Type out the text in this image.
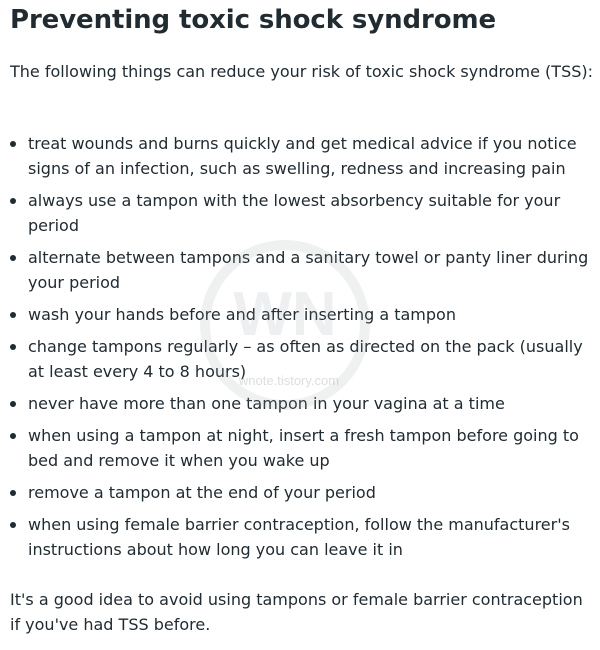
Preventing toxic shock syndrome

The following things can reduce your risk of toxic shock syndrome (TSS):

treat wounds and burns quickly and get medical advice if you notice signs of an infection, such as swelling, redness and increasing pain
always use a tampon with the lowest absorbency suitable for your period
alternate between tampons and a sanitary towel or panty liner during your period
wash your hands before and after inserting a tampon
change tampons regularly – as often as directed on the pack (usually at least every 4 to 8 hours)
never have more than one tampon in your vagina at a time
when using a tampon at night, insert a fresh tampon before going to bed and remove it when you wake up
remove a tampon at the end of your period
when using female barrier contraception, follow the manufacturer's instructions about how long you can leave it in

It's a good idea to avoid using tampons or female barrier contraception if you've had TSS before.

WN
wnote.tistory.com
